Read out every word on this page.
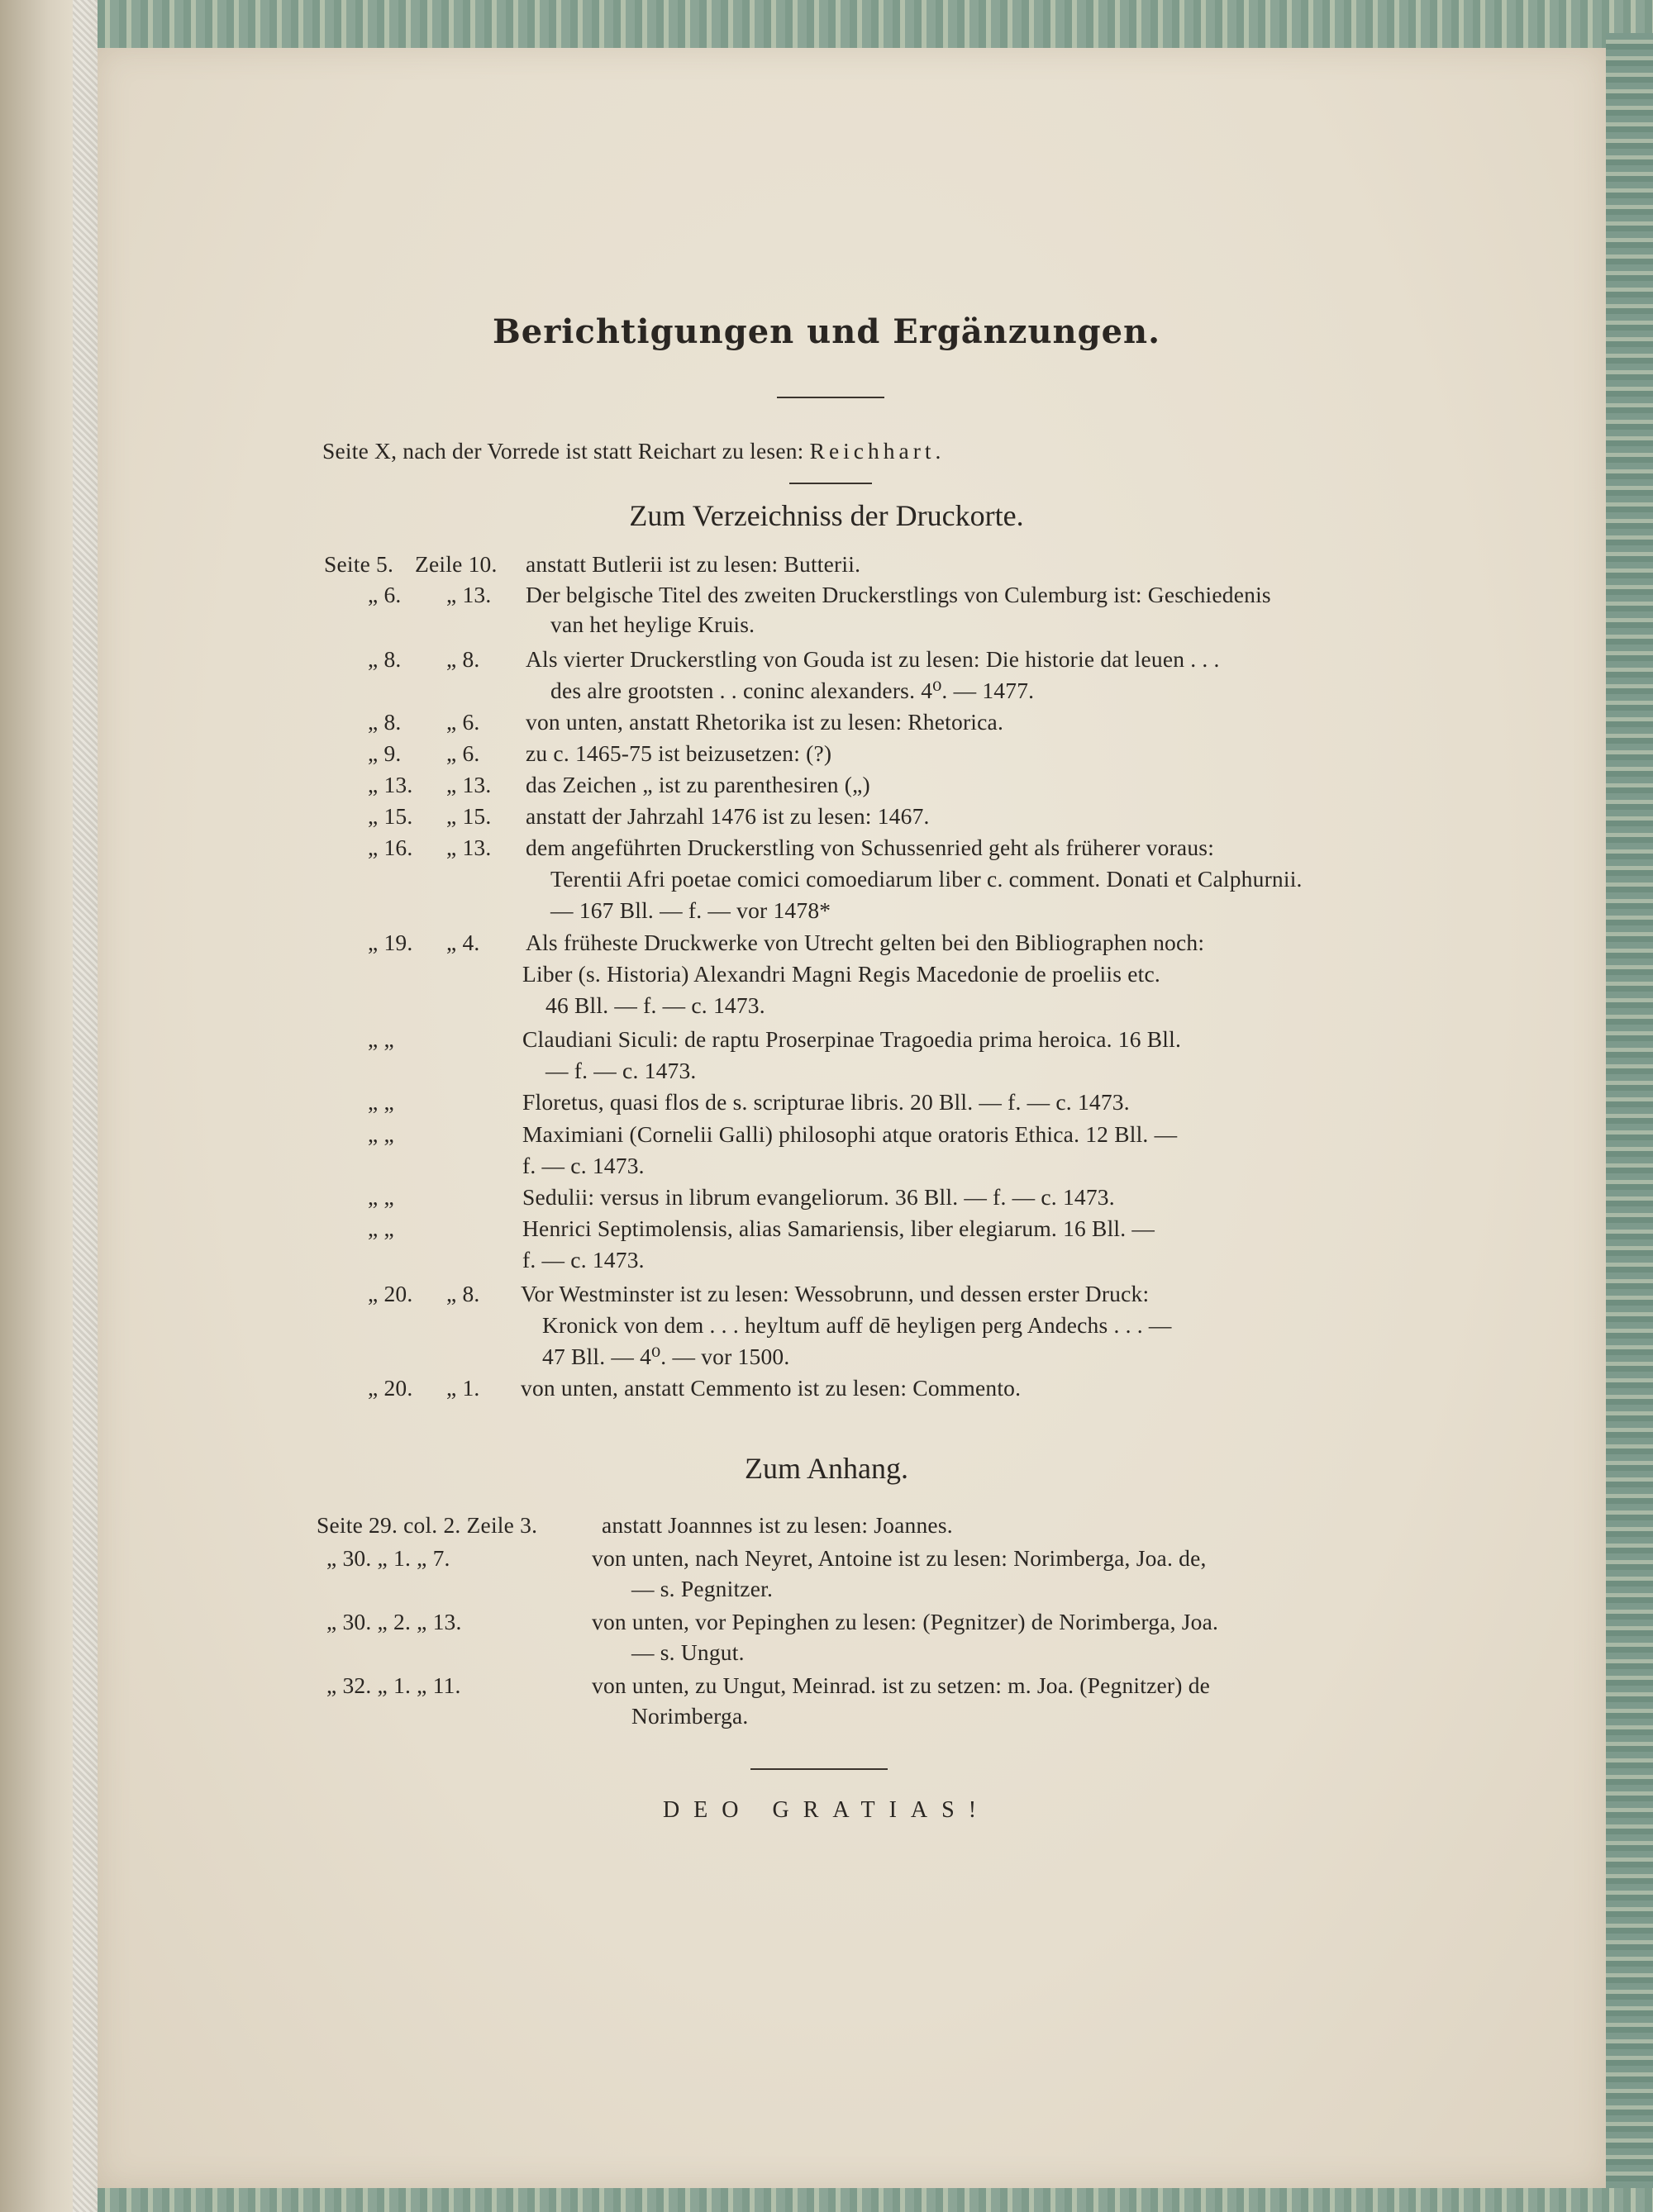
Berichtigungen und Ergänzungen.
Seite X, nach der Vorrede ist statt Reichart zu lesen: Reichhart.
Zum Verzeichniss der Druckorte.
Seite 5. Zeile 10. anstatt Butlerii ist zu lesen: Butterii.
„ 6. „ 13. Der belgische Titel des zweiten Druckerstlings von Culemburg ist: Geschiedenis
van het heylige Kruis.
„ 8. „ 8. Als vierter Druckerstling von Gouda ist zu lesen: Die historie dat leuen . . .
des alre grootsten . . coninc alexanders. 4⁰. — 1477.
„ 8. „ 6. von unten, anstatt Rhetorika ist zu lesen: Rhetorica.
„ 9. „ 6. zu c. 1465-75 ist beizusetzen: (?)
„ 13. „ 13. das Zeichen „ ist zu parenthesiren („)
„ 15. „ 15. anstatt der Jahrzahl 1476 ist zu lesen: 1467.
„ 16. „ 13. dem angeführten Druckerstling von Schussenried geht als früherer voraus:
Terentii Afri poetae comici comoediarum liber c. comment. Donati et Calphurnii.
— 167 Bll. — f. — vor 1478*
„ 19. „ 4. Als früheste Druckwerke von Utrecht gelten bei den Bibliographen noch:
Liber (s. Historia) Alexandri Magni Regis Macedonie de proeliis etc.
46 Bll. — f. — c. 1473.
„ „	Claudiani Siculi: de raptu Proserpinae Tragoedia prima heroica. 16 Bll.
— f. — c. 1473.
„ „	Floretus, quasi flos de s. scripturae libris. 20 Bll. — f. — c. 1473.
„ „	Maximiani (Cornelii Galli) philosophi atque oratoris Ethica. 12 Bll. —
f. — c. 1473.
„ „	Sedulii: versus in librum evangeliorum. 36 Bll. — f. — c. 1473.
„ „	Henrici Septimolensis, alias Samariensis, liber elegiarum. 16 Bll. —
f. — c. 1473.
„ 20. „ 8. Vor Westminster ist zu lesen: Wessobrunn, und dessen erster Druck:
Kronick von dem . . . heyltum auff dē heyligen perg Andechs . . . —
47 Bll. — 4⁰. — vor 1500.
„ 20. „ 1. von unten, anstatt Cemmento ist zu lesen: Commento.
Zum Anhang.
Seite 29. col. 2. Zeile 3.	anstatt Joannnes ist zu lesen: Joannes.
„ 30. „ 1. „ 7.	von unten, nach Neyret, Antoine ist zu lesen: Norimberga, Joa. de,
— s. Pegnitzer.
„ 30. „ 2. „ 13.	von unten, vor Pepinghen zu lesen: (Pegnitzer) de Norimberga, Joa.
— s. Ungut.
„ 32. „ 1. „ 11.	von unten, zu Ungut, Meinrad. ist zu setzen: m. Joa. (Pegnitzer) de
Norimberga.
DEO GRATIAS!
